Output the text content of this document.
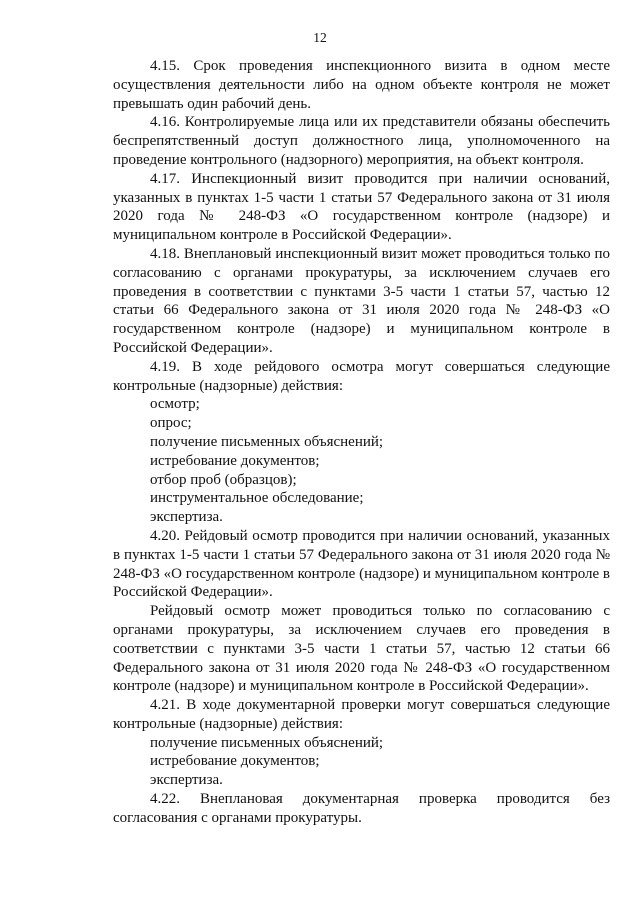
12

4.15. Срок проведения инспекционного визита в одном месте осуществления деятельности либо на одном объекте контроля не может превышать один рабочий день.

4.16. Контролируемые лица или их представители обязаны обеспечить беспрепятственный доступ должностного лица, уполномоченного на проведение контрольного (надзорного) мероприятия, на объект контроля.

4.17. Инспекционный визит проводится при наличии оснований, указанных в пунктах 1-5 части 1 статьи 57 Федерального закона от 31 июля 2020 года № 248-ФЗ «О государственном контроле (надзоре) и муниципальном контроле в Российской Федерации».

4.18. Внеплановый инспекционный визит может проводиться только по согласованию с органами прокуратуры, за исключением случаев его проведения в соответствии с пунктами 3-5 части 1 статьи 57, частью 12 статьи 66 Федерального закона от 31 июля 2020 года № 248-ФЗ «О государственном контроле (надзоре) и муниципальном контроле в Российской Федерации».

4.19. В ходе рейдового осмотра могут совершаться следующие контрольные (надзорные) действия:

осмотр;

опрос;

получение письменных объяснений;

истребование документов;

отбор проб (образцов);

инструментальное обследование;

экспертиза.

4.20. Рейдовый осмотр проводится при наличии оснований, указанных в пунктах 1-5 части 1 статьи 57 Федерального закона от 31 июля 2020 года № 248-ФЗ «О государственном контроле (надзоре) и муниципальном контроле в Российской Федерации».

Рейдовый осмотр может проводиться только по согласованию с органами прокуратуры, за исключением случаев его проведения в соответствии с пунктами 3-5 части 1 статьи 57, частью 12 статьи 66 Федерального закона от 31 июля 2020 года № 248-ФЗ «О государственном контроле (надзоре) и муниципальном контроле в Российской Федерации».

4.21. В ходе документарной проверки могут совершаться следующие контрольные (надзорные) действия:

получение письменных объяснений;

истребование документов;

экспертиза.

4.22. Внеплановая документарная проверка проводится без согласования с органами прокуратуры.
